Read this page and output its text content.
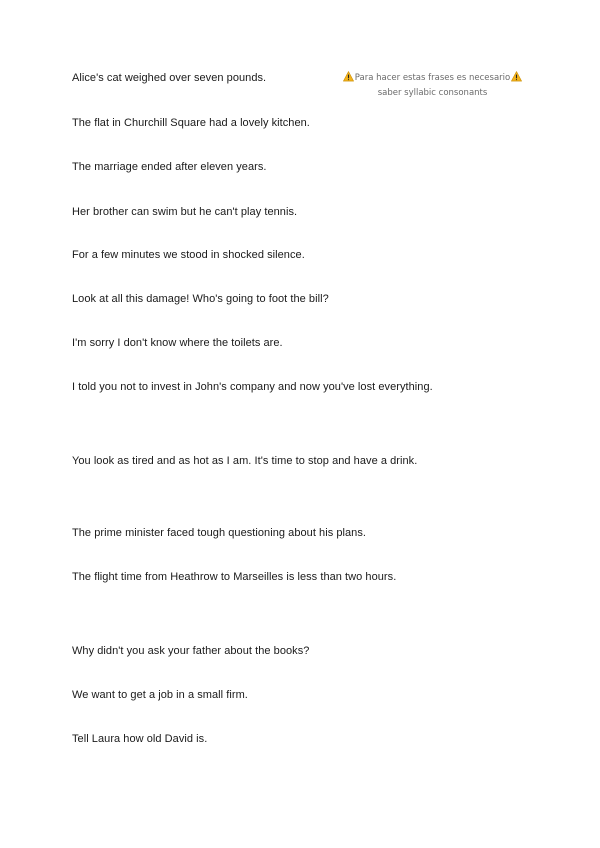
Alice's cat weighed over seven pounds.
The flat in Churchill Square had a lovely kitchen.
The marriage ended after eleven years.
Her brother can swim but he can't play tennis.
For a few minutes we stood in shocked silence.
Look at all this damage! Who's going to foot the bill?
I'm sorry I don't know where the toilets are.
I told you not to invest in John's company and now you've lost everything.
You look as tired and as hot as I am. It's time to stop and have a drink.
The prime minister faced tough questioning about his plans.
The flight time from Heathrow to Marseilles is less than two hours.
Why didn't you ask your father about the books?
We want to get a job in a small firm.
Tell Laura how old David is.
Para hacer estas frases es necesario
saber syllabic consonants
